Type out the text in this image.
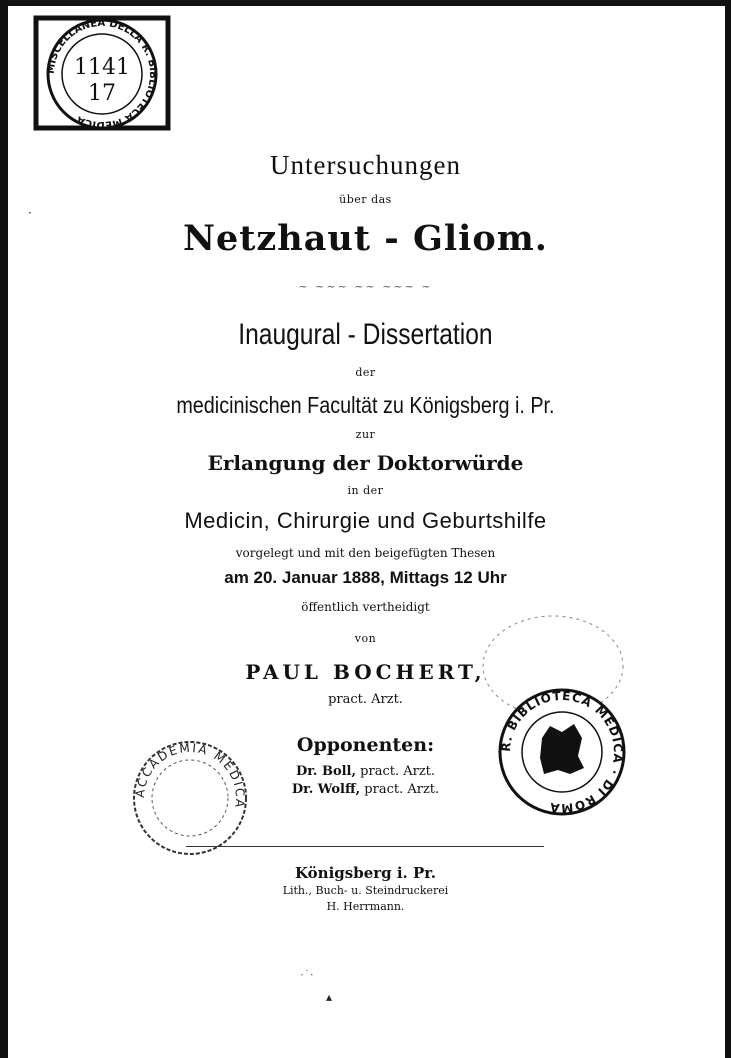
MISCELLANEA DELLA R. BIBLIOTECA MEDICA
1141
17
·
Untersuchungen
über das
Netzhaut - Gliom.
~ ~~~ ~~ ~~~ ~
Inaugural - Dissertation
der
medicinischen Facultät zu Königsberg i. Pr.
zur
Erlangung der Doktorwürde
in der
Medicin, Chirurgie und Geburtshilfe
vorgelegt und mit den beigefügten Thesen
am 20. Januar 1888, Mittags 12 Uhr
öffentlich vertheidigt
von
PAUL BOCHERT,
pract. Arzt.
Opponenten:
Dr. Boll, pract. Arzt.
Dr. Wolff, pract. Arzt.
ACCADEMIA MEDICA
R. BIBLIOTECA MEDICA · DI ROMA
Königsberg i. Pr.
Lith., Buch- u. Steindruckerei
H. Herrmann.
·˙·
▴
